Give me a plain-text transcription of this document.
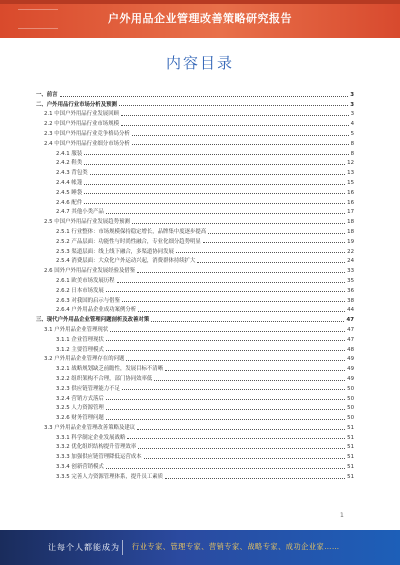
户外用品企业管理改善策略研究报告
内容目录
一、前言	3
二、户外用品行业市场分析及预测	3
2.1 中国户外用品行业发展回顾	3
2.2 中国户外用品行业市场规模	4
2.3 中国户外用品行业竞争格局分析	5
2.4 中国户外用品行业细分市场分析	8
2.4.1 服装	8
2.4.2 鞋类	12
2.4.3 背包类	13
2.4.4 帐篷	15
2.4.5 睡袋	16
2.4.6 配件	16
2.4.7 其他小类产品	17
2.5 中国户外用品行业发展趋势预测	18
2.5.1 行业整体：市场规模保持稳定增长，品牌集中度逐步提高	18
2.5.2 产品层面：功能性与时尚性融合，专业化细分趋势明显	19
2.5.3 渠道层面：线上线下融合，多渠道协同发展	22
2.5.4 消费层面：大众化户外运动兴起，消费群体持续扩大	24
2.6 国外户外用品行业发展经验及借鉴	33
2.6.1 欧美市场发展历程	35
2.6.2 日本市场发展	36
2.6.3 对我国的启示与借鉴	38
2.6.4 户外用品企业成功案例分析	44
三、现代户外用品企业管理问题剖析及改善对策	47
3.1 户外用品企业管理现状	47
3.1.1 企业管理现状	47
3.1.2 主要管理模式	48
3.2 户外用品企业管理存在的问题	49
3.2.1 战略规划缺乏前瞻性，发展目标不清晰	49
3.2.2 组织架构不合理，部门协同效率低	49
3.2.3 供应链管理能力不足	50
3.2.4 营销方式落后	50
3.2.5 人力资源管理	50
3.2.6 财务管理问题	50
3.3 户外用品企业管理改善策略及建议	51
3.3.1 科学制定企业发展战略	51
3.3.2 优化组织结构提升管理效率	51
3.3.3 加强供应链管理降低运营成本	51
3.3.4 创新营销模式	51
3.3.5 完善人力资源管理体系，提升员工素质	51
1
让每个人都能成为 行业专家、管理专家、营销专家、战略专家、成功企业家……
